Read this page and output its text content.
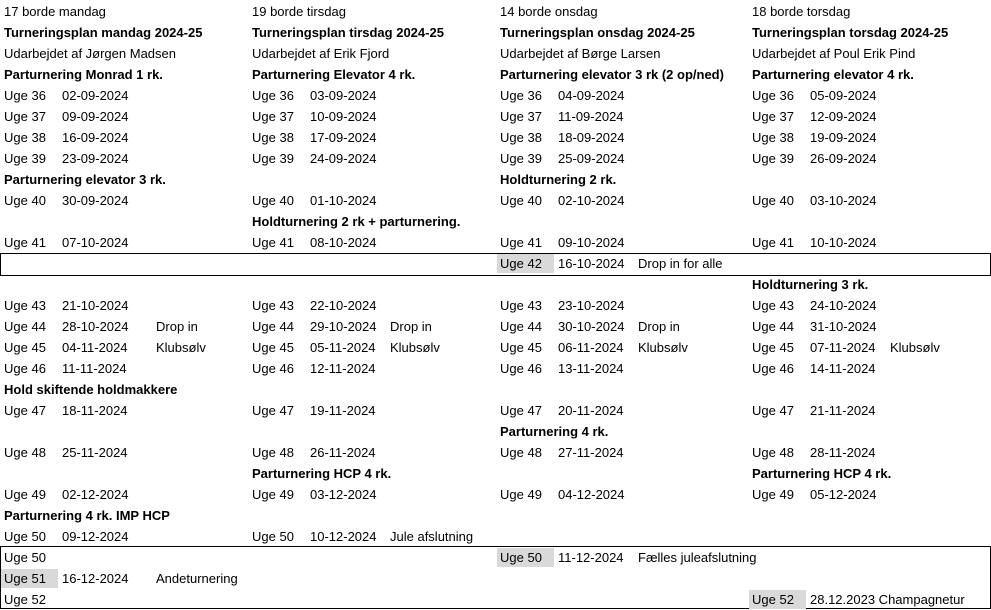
17 borde mandag
Turneringsplan mandag 2024-25
Udarbejdet af Jørgen Madsen
Parturnering Monrad 1 rk.
Uge 36 02-09-2024
Uge 37 09-09-2024
Uge 38 16-09-2024
Uge 39 23-09-2024
Parturnering elevator 3 rk.
Uge 40 30-09-2024
Uge 41 07-10-2024
Uge 43 21-10-2024
Uge 44 28-10-2024 Drop in
Uge 45 04-11-2024 Klubsølv
Uge 46 11-11-2024
Hold skiftende holdmakkere
Uge 47 18-11-2024
Uge 48 25-11-2024
Uge 49 02-12-2024
Parturnering 4 rk. IMP HCP
Uge 50 09-12-2024
Uge 50
Uge 51 16-12-2024 Andeturnering
Uge 52
19 borde tirsdag
Turneringsplan tirsdag 2024-25
Udarbejdet af Erik Fjord
Parturnering Elevator 4 rk.
Uge 36 03-09-2024
Uge 37 10-09-2024
Uge 38 17-09-2024
Uge 39 24-09-2024
Uge 40 01-10-2024
Holdturnering 2 rk + parturnering.
Uge 41 08-10-2024
Uge 43 22-10-2024
Uge 44 29-10-2024 Drop in
Uge 45 05-11-2024 Klubsølv
Uge 46 12-11-2024
Uge 47 19-11-2024
Uge 48 26-11-2024
Parturnering HCP 4 rk.
Uge 49 03-12-2024
Uge 50 10-12-2024 Jule afslutning
14 borde onsdag
Turneringsplan onsdag 2024-25
Udarbejdet af Børge Larsen
Parturnering elevator 3 rk (2 op/ned)
Uge 36 04-09-2024
Uge 37 11-09-2024
Uge 38 18-09-2024
Uge 39 25-09-2024
Holdturnering 2 rk.
Uge 40 02-10-2024
Uge 41 09-10-2024
Uge 42 16-10-2024 Drop in for alle
Uge 43 23-10-2024
Uge 44 30-10-2024 Drop in
Uge 45 06-11-2024 Klubsølv
Uge 46 13-11-2024
Uge 47 20-11-2024
Parturnering 4 rk.
Uge 48 27-11-2024
Uge 49 04-12-2024
Uge 50 11-12-2024 Fælles juleafslutning
18 borde torsdag
Turneringsplan torsdag 2024-25
Udarbejdet af Poul Erik Pind
Parturnering elevator 4 rk.
Uge 36 05-09-2024
Uge 37 12-09-2024
Uge 38 19-09-2024
Uge 39 26-09-2024
Uge 40 03-10-2024
Uge 41 10-10-2024
Holdturnering 3 rk.
Uge 43 24-10-2024
Uge 44 31-10-2024
Uge 45 07-11-2024 Klubsølv
Uge 46 14-11-2024
Uge 47 21-11-2024
Uge 48 28-11-2024
Parturnering HCP 4 rk.
Uge 49 05-12-2024
Uge 52 28.12.2023 Champagnetur
